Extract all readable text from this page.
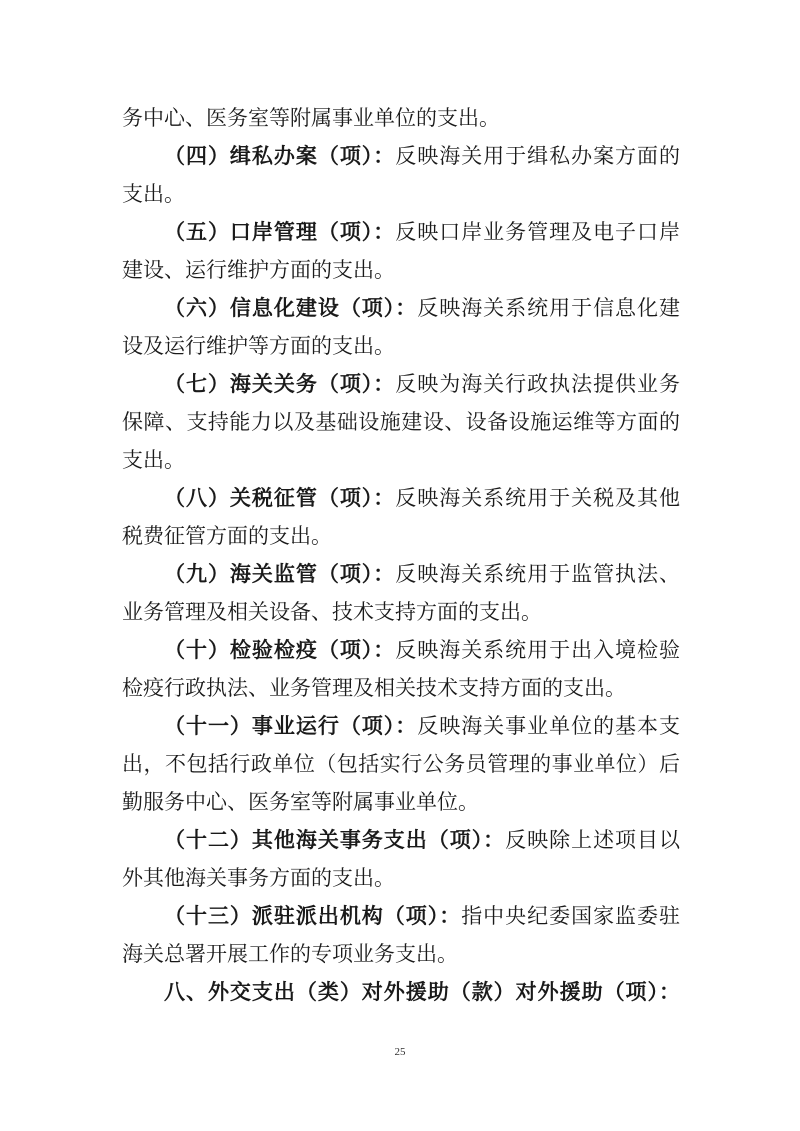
务中心、医务室等附属事业单位的支出。
（四）缉私办案（项）：反映海关用于缉私办案方面的
支出。
（五）口岸管理（项）：反映口岸业务管理及电子口岸
建设、运行维护方面的支出。
（六）信息化建设（项）：反映海关系统用于信息化建
设及运行维护等方面的支出。
（七）海关关务（项）：反映为海关行政执法提供业务
保障、支持能力以及基础设施建设、设备设施运维等方面的
支出。
（八）关税征管（项）：反映海关系统用于关税及其他
税费征管方面的支出。
（九）海关监管（项）：反映海关系统用于监管执法、
业务管理及相关设备、技术支持方面的支出。
（十）检验检疫（项）：反映海关系统用于出入境检验
检疫行政执法、业务管理及相关技术支持方面的支出。
（十一）事业运行（项）：反映海关事业单位的基本支
出，不包括行政单位（包括实行公务员管理的事业单位）后
勤服务中心、医务室等附属事业单位。
（十二）其他海关事务支出（项）：反映除上述项目以
外其他海关事务方面的支出。
（十三）派驻派出机构（项）：指中央纪委国家监委驻
海关总署开展工作的专项业务支出。
八、外交支出（类）对外援助（款）对外援助（项）：
25
